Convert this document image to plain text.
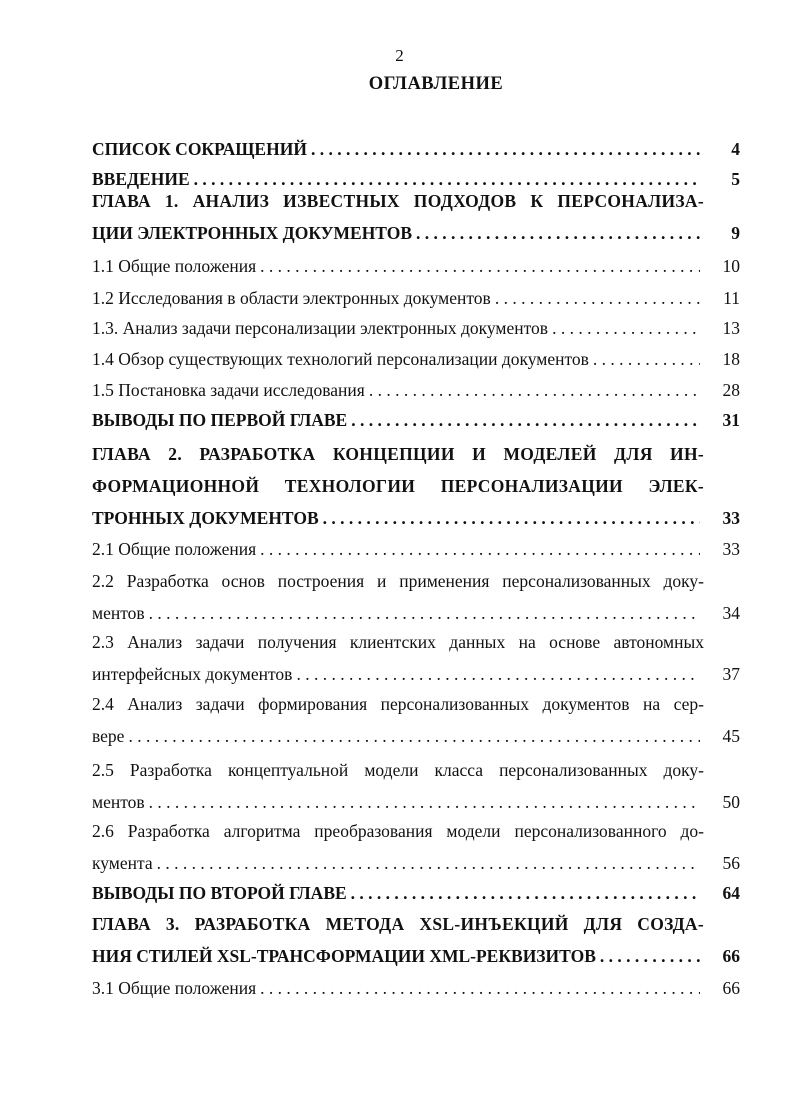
2
ОГЛАВЛЕНИЕ
СПИСОК СОКРАЩЕНИЙ . . .	4
ВВЕДЕНИЕ . . .	5
ГЛАВА 1. АНАЛИЗ ИЗВЕСТНЫХ ПОДХОДОВ К ПЕРСОНАЛИЗА-
ЦИИ ЭЛЕКТРОННЫХ ДОКУМЕНТОВ . . .	9
1.1 Общие положения . . .	10
1.2 Исследования в области электронных документов . . .	11
1.3. Анализ задачи персонализации электронных документов . . .	13
1.4 Обзор существующих технологий персонализации документов . . .	18
1.5 Постановка задачи исследования . . .	28
ВЫВОДЫ ПО ПЕРВОЙ ГЛАВЕ . . .	31
ГЛАВА 2. РАЗРАБОТКА КОНЦЕПЦИИ И МОДЕЛЕЙ ДЛЯ ИН-
ФОРМАЦИОННОЙ ТЕХНОЛОГИИ ПЕРСОНАЛИЗАЦИИ ЭЛЕК-
ТРОННЫХ ДОКУМЕНТОВ . . .	33
2.1 Общие положения . . .	33
2.2 Разработка основ построения и применения персонализованных доку-
ментов . . .	34
2.3 Анализ задачи получения клиентских данных на основе автономных
интерфейсных документов . . .	37
2.4 Анализ задачи формирования персонализованных документов на сер-
вере . . .	45
2.5 Разработка концептуальной модели класса персонализованных доку-
ментов . . .	50
2.6 Разработка алгоритма преобразования модели персонализованного до-
кумента . . .	56
ВЫВОДЫ ПО ВТОРОЙ ГЛАВЕ . . .	64
ГЛАВА 3. РАЗРАБОТКА МЕТОДА XSL-ИНЪЕКЦИЙ ДЛЯ СОЗДА-
НИЯ СТИЛЕЙ XSL-ТРАНСФОРМАЦИИ XML-РЕКВИЗИТОВ . . .	66
3.1 Общие положения . . .	66
